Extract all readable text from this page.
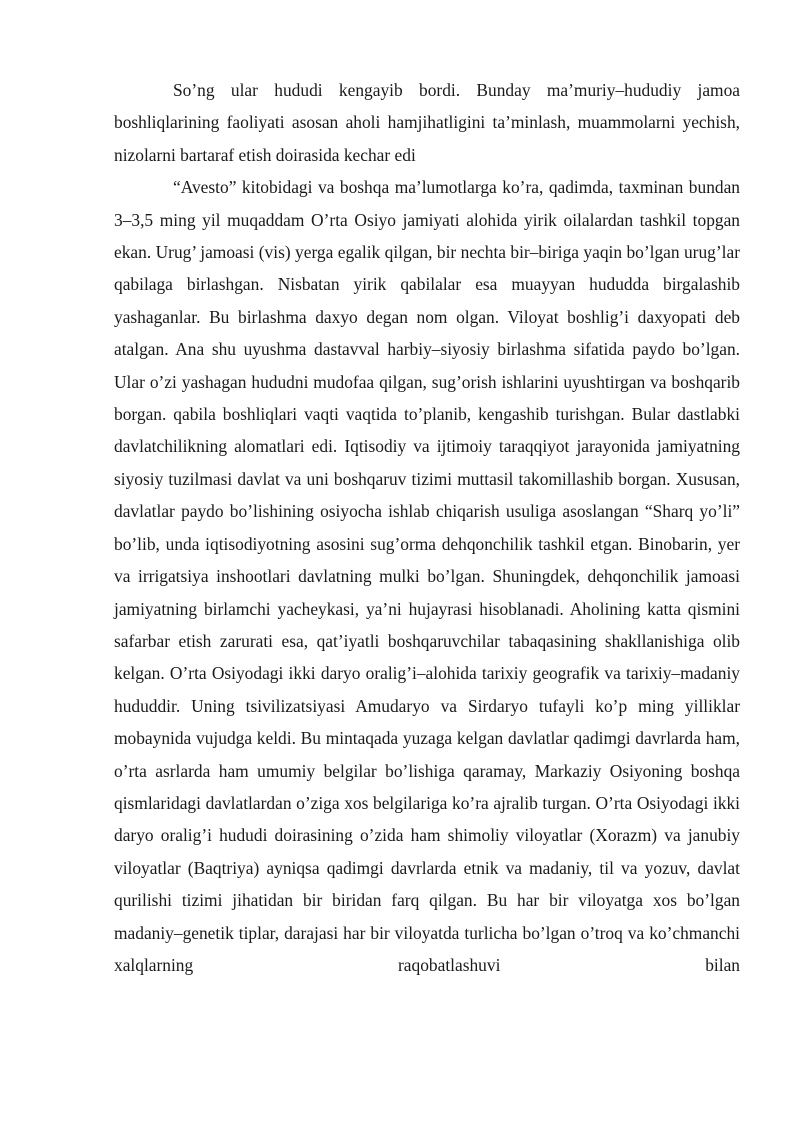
So’ng ular hududi kengayib bordi. Bunday ma’muriy–hududiy jamoa boshliqlarining faoliyati asosan aholi hamjihatligini ta’minlash, muammolarni yechish, nizolarni bartaraf etish doirasida kechar edi

“Avesto” kitobidagi va boshqa ma’lumotlarga ko’ra, qadimda, taxminan bundan 3–3,5 ming yil muqaddam O’rta Osiyo jamiyati alohida yirik oilalardan tashkil topgan ekan. Urug’ jamoasi (vis) yerga egalik qilgan, bir nechta bir–biriga yaqin bo’lgan urug’lar qabilaga birlashgan. Nisbatan yirik qabilalar esa muayyan hududda birgalashib yashaganlar. Bu birlashma daxyo degan nom olgan. Viloyat boshlig’i daxyopati deb atalgan. Ana shu uyushma dastavval harbiy–siyosiy birlashma sifatida paydo bo’lgan. Ular o’zi yashagan hududni mudofaa qilgan, sug’orish ishlarini uyushtirgan va boshqarib borgan. qabila boshliqlari vaqti vaqtida to’planib, kengashib turishgan. Bular dastlabki davlatchilikning alomatlari edi. Iqtisodiy va ijtimoiy taraqqiyot jarayonida jamiyatning siyosiy tuzilmasi davlat va uni boshqaruv tizimi muttasil takomillashib borgan. Xususan, davlatlar paydo bo’lishining osiyocha ishlab chiqarish usuliga asoslangan “Sharq yo’li” bo’lib, unda iqtisodiyotning asosini sug’orma dehqonchilik tashkil etgan. Binobarin, yer va irrigatsiya inshootlari davlatning mulki bo’lgan. Shuningdek, dehqonchilik jamoasi jamiyatning birlamchi yacheykasi, ya’ni hujayrasi hisoblanadi. Aholining katta qismini safarbar etish zarurati esa, qat’iyatli boshqaruvchilar tabaqasining shakllanishiga olib kelgan. O’rta Osiyodagi ikki daryo oralig’i–alohida tarixiy geografik va tarixiy–madaniy hududdir. Uning tsivilizatsiyasi Amudaryo va Sirdaryo tufayli ko’p ming yilliklar mobaynida vujudga keldi. Bu mintaqada yuzaga kelgan davlatlar qadimgi davrlarda ham, o’rta asrlarda ham umumiy belgilar bo’lishiga qaramay, Markaziy Osiyoning boshqa qismlaridagi davlatlardan o’ziga xos belgilariga ko’ra ajralib turgan. O’rta Osiyodagi ikki daryo oralig’i hududi doirasining o’zida ham shimoliy viloyatlar (Xorazm) va janubiy viloyatlar (Baqtriya) ayniqsa qadimgi davrlarda etnik va madaniy, til va yozuv, davlat qurilishi tizimi jihatidan bir biridan farq qilgan. Bu har bir viloyatga xos bo’lgan madaniy–genetik tiplar, darajasi har bir viloyatda turlicha bo’lgan o’troq va ko’chmanchi xalqlarning raqobatlashuvi bilan
